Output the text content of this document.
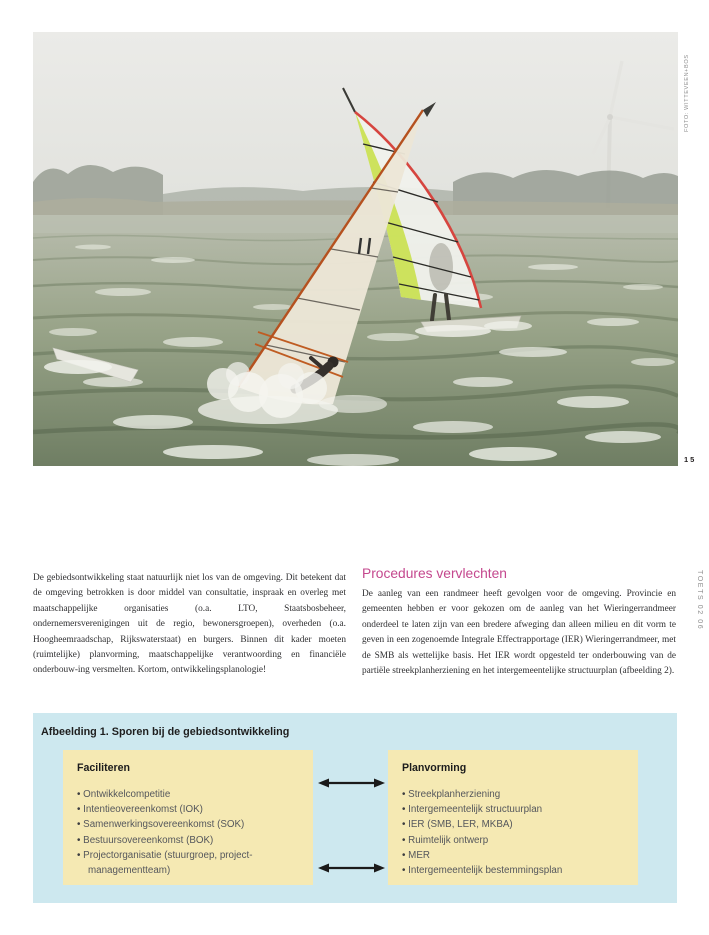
FOTO: WITTEVEEN+BOS
15
TOETS 02 06
De gebiedsontwikkeling staat natuurlijk niet los van de omgeving. Dit betekent dat de omgeving betrokken is door middel van consultatie, inspraak en overleg met maatschappelijke organisaties (o.a. LTO, Staatsbosbeheer, ondernemersverenigingen uit de regio, bewonersgroepen), overheden (o.a. Hoogheemraadschap, Rijkswaterstaat) en burgers. Binnen dit kader moeten (ruimtelijke) planvorming, maatschappelijke verantwoording en financiële onderbouw-ing versmelten. Kortom, ontwikkelingsplanologie!
Procedures vervlechten

De aanleg van een randmeer heeft gevolgen voor de omgeving. Provincie en gemeenten hebben er voor gekozen om de aanleg van het Wieringerrandmeer onderdeel te laten zijn van een bredere afweging dan alleen milieu en dit vorm te geven in een zogenoemde Integrale Effectrapportage (IER) Wieringerrandmeer, met de SMB als wettelijke basis. Het IER wordt opgesteld ter onderbouwing van de partiële streekplanherziening en het intergemeentelijke structuurplan (afbeelding 2).

Afbeelding 1. Sporen bij de gebiedsontwikkeling
Faciliteren
• Ontwikkelcompetitie
• Intentieovereenkomst (IOK)
• Samenwerkingsovereenkomst (SOK)
• Bestuursovereenkomst (BOK)
• Projectorganisatie (stuurgroep, project-managementteam)
Planvorming
• Streekplanherziening
• Intergemeentelijk structuurplan
• IER (SMB, LER, MKBA)
• Ruimtelijk ontwerp
• MER
• Intergemeentelijk bestemmingsplan
